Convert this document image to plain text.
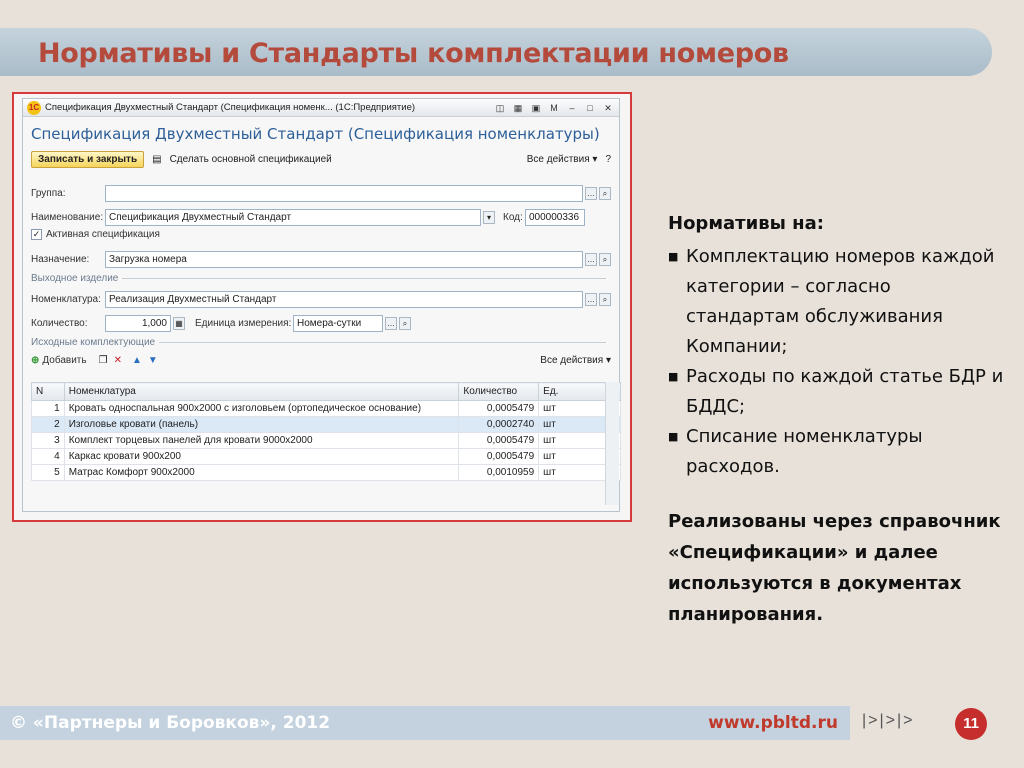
Нормативы и Стандарты комплектации номеров
1С Спецификация Двухместный Стандарт (Спецификация номенк... (1С:Предприятие)	◫	▦	▣	M	–	□	✕
Спецификация Двухместный Стандарт (Спецификация номенклатуры)
Записать и закрыть	▤ Сделать основной спецификацией	Все действия ▾ ?
Группа:	… ⌕
Наименование: Спецификация Двухместный Стандарт	▾	Код: 000000336
✓ Активная спецификация
Назначение:	Загрузка номера	… ⌕
Выходное изделие
Номенклатура: Реализация Двухместный Стандарт	… ⌕
Количество:	1,000	▦ Единица измерения: Номера-сутки	… ⌕
Исходные комплектующие
⊕ Добавить ❐ ✕ ▲ ▼	Все действия ▾
N	Номенклатура	Количество	Ед.
1	Кровать односпальная 900х2000 с изголовьем (ортопедическое основание)	0,0005479	шт
2	Изголовье кровати (панель)	0,0002740	шт
3	Комплект торцевых панелей для кровати 9000х2000	0,0005479	шт
4	Каркас кровати 900х200	0,0005479	шт
5	Матрас Комфорт 900х2000	0,0010959	шт
Нормативы на:
■ Комплектацию номеров каждой категории – согласно стандартам обслуживания Компании;
■ Расходы по каждой статье БДР и БДДС;
■ Списание номенклатуры расходов.
Реализованы через справочник «Спецификации» и далее используются в документах планирования.
© «Партнеры и Боровков», 2012	www.pbltd.ru |>|>|>	11
